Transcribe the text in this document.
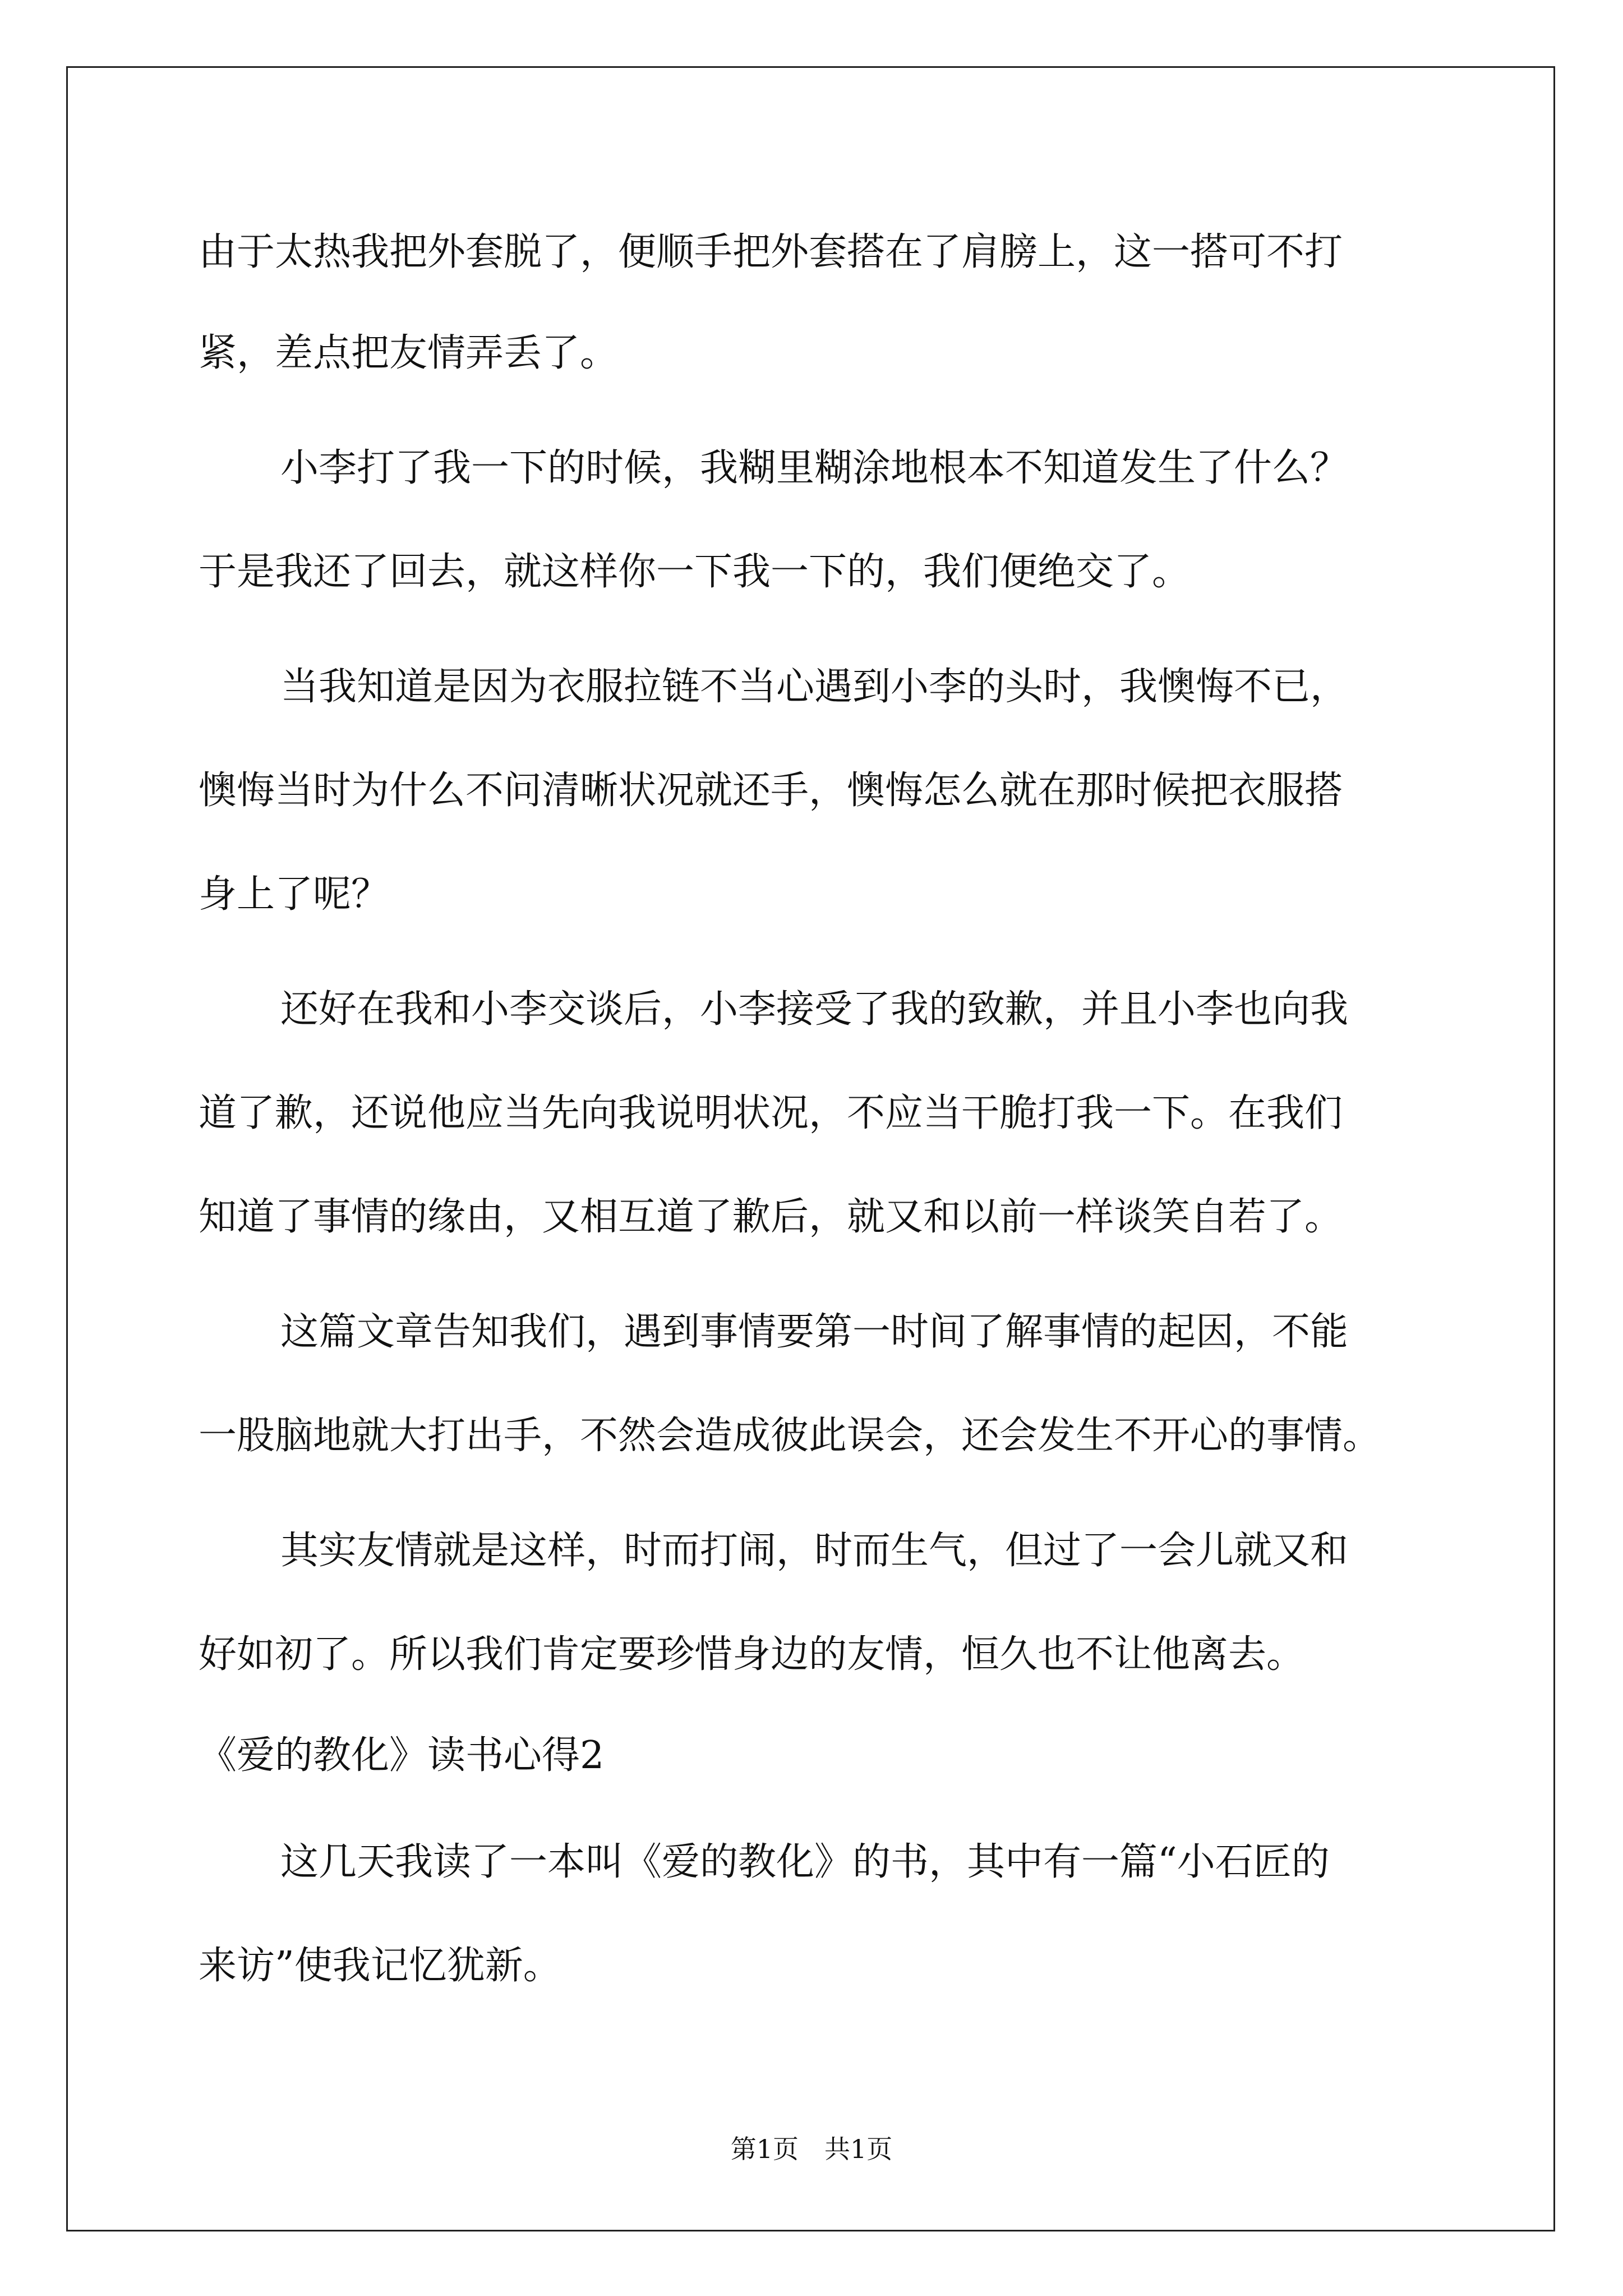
由于太热我把外套脱了，便顺手把外套搭在了肩膀上，这一搭可不打
紧，差点把友情弄丢了。
小李打了我一下的时候，我糊里糊涂地根本不知道发生了什么？
于是我还了回去，就这样你一下我一下的，我们便绝交了。
当我知道是因为衣服拉链不当心遇到小李的头时，我懊悔不已，
懊悔当时为什么不问清晰状况就还手，懊悔怎么就在那时候把衣服搭
身上了呢？
还好在我和小李交谈后，小李接受了我的致歉，并且小李也向我
道了歉，还说他应当先向我说明状况，不应当干脆打我一下。在我们
知道了事情的缘由，又相互道了歉后，就又和以前一样谈笑自若了。
这篇文章告知我们，遇到事情要第一时间了解事情的起因，不能
一股脑地就大打出手，不然会造成彼此误会，还会发生不开心的事情。
其实友情就是这样，时而打闹，时而生气，但过了一会儿就又和
好如初了。所以我们肯定要珍惜身边的友情，恒久也不让他离去。
《爱的教化》读书心得2
这几天我读了一本叫《爱的教化》的书，其中有一篇“小石匠的
来访”使我记忆犹新。
第1页　共1页
